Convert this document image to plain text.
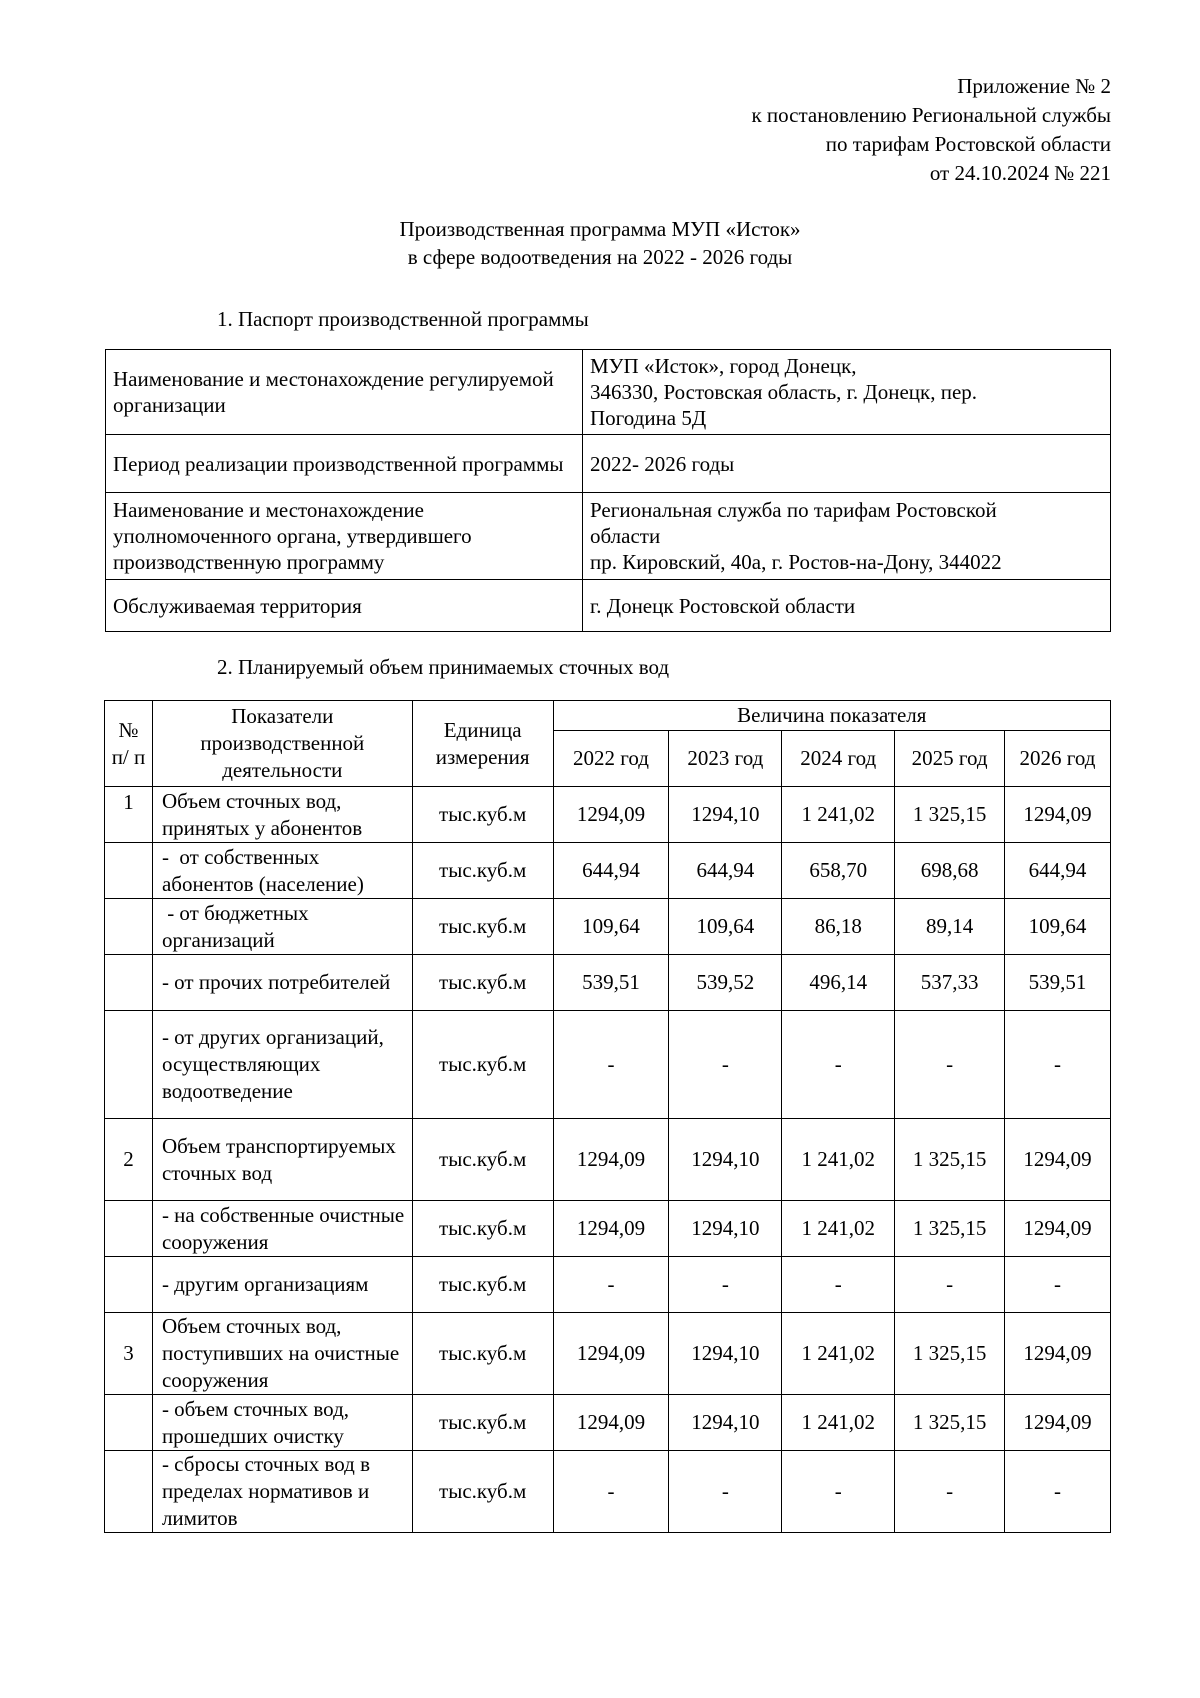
Приложение № 2
к постановлению Региональной службы
по тарифам Ростовской области
от 24.10.2024 № 221
Производственная программа МУП «Исток»
в сфере водоотведения на 2022 - 2026 годы
1. Паспорт производственной программы
Наименование и местонахождение регулируемой организации	МУП «Исток», город Донецк,
346330, Ростовская область, г. Донецк, пер.
Погодина 5Д

Период реализации производственной программы	2022- 2026 годы

Наименование и местонахождение уполномоченного органа, утвердившего производственную программу	Региональная служба по тарифам Ростовской
области
пр. Кировский, 40а, г. Ростов-на-Дону, 344022

Обслуживаемая территория	г. Донецк Ростовской области
2. Планируемый объем принимаемых сточных вод
№ п/ п	Показатели производственной деятельности	Единица измерения	Величина показателя				
			2022 год	2023 год	2024 год	2025 год	2026 год
1	Объем сточных вод, принятых у абонентов	тыс.куб.м	1294,09	1294,10	1 241,02	1 325,15	1294,09
	-  от собственных абонентов (население)	тыс.куб.м	644,94	644,94	658,70	698,68	644,94
	- от бюджетных организаций	тыс.куб.м	109,64	109,64	86,18	89,14	109,64
	- от прочих потребителей	тыс.куб.м	539,51	539,52	496,14	537,33	539,51
	- от других организаций, осуществляющих водоотведение	тыс.куб.м	-	-	-	-	-
2	Объем транспортируемых сточных вод	тыс.куб.м	1294,09	1294,10	1 241,02	1 325,15	1294,09
	- на собственные очистные сооружения	тыс.куб.м	1294,09	1294,10	1 241,02	1 325,15	1294,09
	- другим организациям	тыс.куб.м	-	-	-	-	-
3	Объем сточных вод, поступивших на очистные сооружения	тыс.куб.м	1294,09	1294,10	1 241,02	1 325,15	1294,09
	- объем сточных вод, прошедших очистку	тыс.куб.м	1294,09	1294,10	1 241,02	1 325,15	1294,09
	- сбросы сточных вод в пределах нормативов и лимитов	тыс.куб.м	-	-	-	-	-
